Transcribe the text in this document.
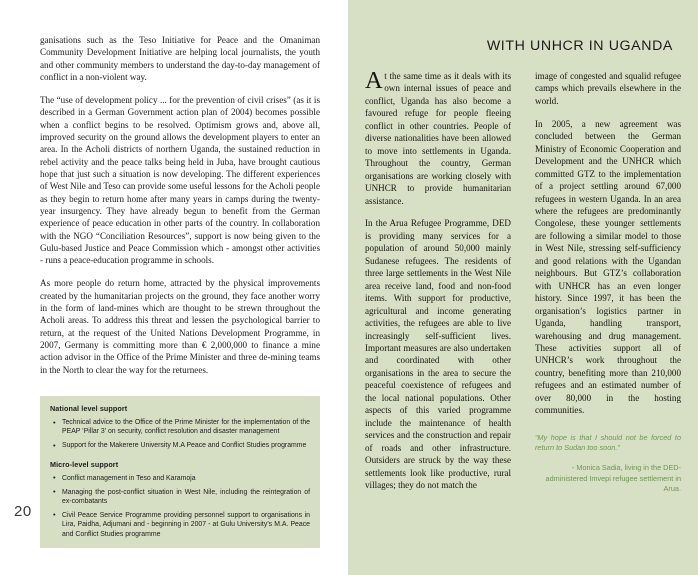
ganisations such as the Teso Initiative for Peace and the Omaniman Community Development Initiative are helping local journalists, the youth and other community members to understand the day-to-day management of conflict in a non-violent way.

The “use of development policy ... for the prevention of civil crises” (as it is described in a German Government action plan of 2004) becomes possible when a conflict begins to be resolved. Optimism grows and, above all, improved security on the ground allows the development players to enter an area. In the Acholi districts of northern Uganda, the sustained reduction in rebel activity and the peace talks being held in Juba, have brought cautious hope that just such a situation is now developing. The different experiences of West Nile and Teso can provide some useful lessons for the Acholi people as they begin to return home after many years in camps during the twenty-year insurgency. They have already begun to benefit from the German experience of peace education in other parts of the country. In collaboration with the NGO “Conciliation Resources”, support is now being given to the Gulu-based Justice and Peace Commission which - amongst other activities - runs a peace-education programme in schools.

As more people do return home, attracted by the physical improvements created by the humanitarian projects on the ground, they face another worry in the form of land-mines which are thought to be strewn throughout the Acholi areas. To address this threat and lessen the psychological barrier to return, at the request of the United Nations Development Programme, in 2007, Germany is committing more than € 2,000,000 to finance a mine action advisor in the Office of the Prime Minister and three de-mining teams in the North to clear the way for the returnees.

National level support
• Technical advice to the Office of the Prime Minister for the implementation of the PEAP ‘Pillar 3’ on security, conflict resolution and disaster management
• Support for the Makerere University M.A Peace and Conflict Studies programme
Micro-level support
• Conflict management in Teso and Karamoja
• Managing the post-conflict situation in West Nile, including the reintegration of ex-combatants
• Civil Peace Service Programme providing personnel support to organisations in Lira, Paidha, Adjumani and - beginning in 2007 - at Gulu University’s M.A. Peace and Conflict Studies programme
20
WITH UNHCR IN UGANDA

At the same time as it deals with its own internal issues of peace and conflict, Uganda has also become a favoured refuge for people fleeing conflict in other countries. People of diverse nationalities have been allowed to move into settlements in Uganda. Throughout the country, German organisations are working closely with UNHCR to provide humanitarian assistance.

In the Arua Refugee Programme, DED is providing many services for a population of around 50,000 mainly Sudanese refugees. The residents of three large settlements in the West Nile area receive land, food and non-food items. With support for productive, agricultural and income generating activities, the refugees are able to live increasingly self-sufficient lives. Important measures are also undertaken and coordinated with other organisations in the area to secure the peaceful coexistence of refugees and the local national populations. Other aspects of this varied programme include the maintenance of health services and the construction and repair of roads and other infrastructure. Outsiders are struck by the way these settlements look like productive, rural villages; they do not match the

image of congested and squalid refugee camps which prevails elsewhere in the world.

In 2005, a new agreement was concluded between the German Ministry of Economic Cooperation and Development and the UNHCR which committed GTZ to the implementation of a project settling around 67,000 refugees in western Uganda. In an area where the refugees are predominantly Congolese, these younger settlements are following a similar model to those in West Nile, stressing self-sufficiency and good relations with the Ugandan neighbours. But GTZ’s collaboration with UNHCR has an even longer history. Since 1997, it has been the organisation’s logistics partner in Uganda, handling transport, warehousing and drug management. These activities support all of UNHCR’s work throughout the country, benefiting more than 210,000 refugees and an estimated number of over 80,000 in the hosting communities.

“My hope is that I should not be forced to return to Sudan too soon.”

- Monica Sadia, living in the DED-administered Imvepi refugee settlement in Arua.
